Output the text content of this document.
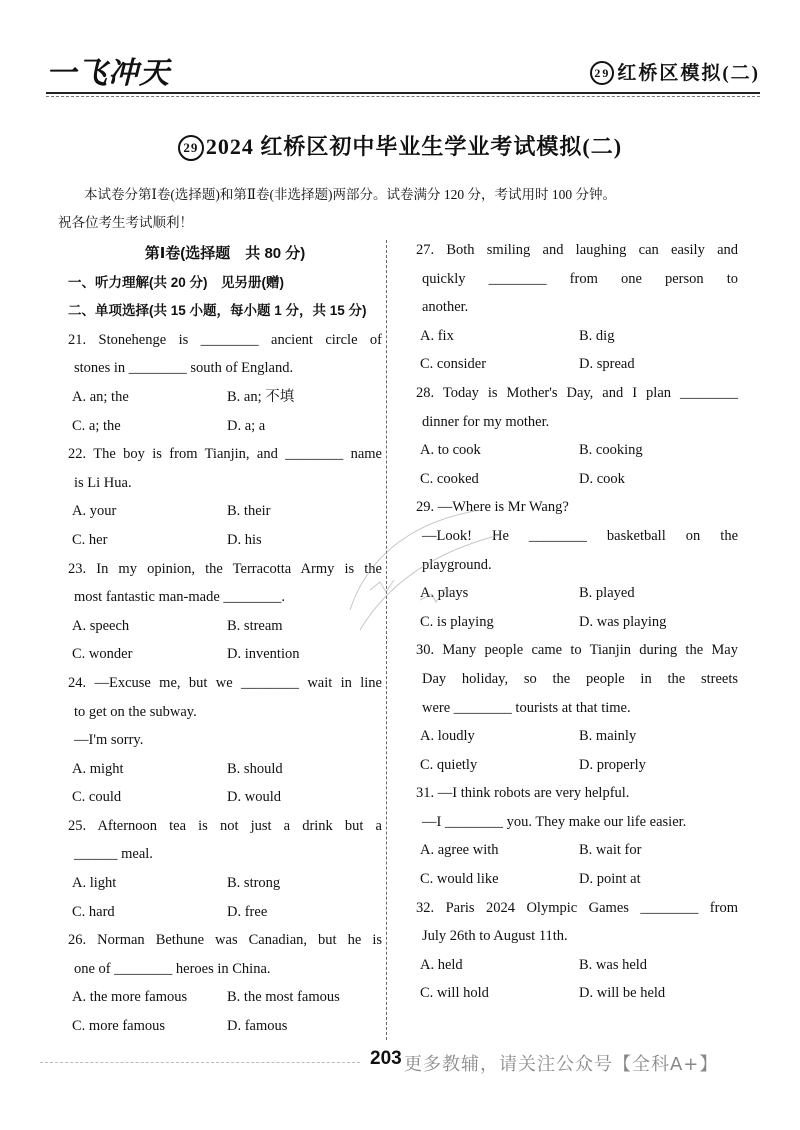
一飞冲天	29 红桥区模拟(二)
29 2024 红桥区初中毕业生学业考试模拟(二)

本试卷分第Ⅰ卷(选择题)和第Ⅱ卷(非选择题)两部分。试卷满分 120 分，考试用时 100 分钟。

祝各位考生考试顺利！

第Ⅰ卷(选择题　共 80 分)
一、听力理解(共 20 分)　见另册(赠)
二、单项选择(共 15 小题，每小题 1 分，共 15 分)
21. Stonehenge is ________ ancient circle of
stones in ________ south of England.
A. an; the	B. an; 不填
C. a; the	D. a; a
22. The boy is from Tianjin, and ________ name
is Li Hua.
A. your	B. their
C. her	D. his
23. In my opinion, the Terracotta Army is the
most fantastic man-made ________.
A. speech	B. stream
C. wonder	D. invention
24. —Excuse me, but we ________ wait in line
to get on the subway.
—I'm sorry.
A. might	B. should
C. could	D. would
25. Afternoon tea is not just a drink but a
______ meal.
A. light	B. strong
C. hard	D. free
26. Norman Bethune was Canadian, but he is
one of ________ heroes in China.
A. the more famous	B. the most famous
C. more famous	D. famous
27. Both smiling and laughing can easily and
quickly ________ from one person to
another.
A. fix	B. dig
C. consider	D. spread
28. Today is Mother's Day, and I plan ________
dinner for my mother.
A. to cook	B. cooking
C. cooked	D. cook
29. —Where is Mr Wang?
—Look! He ________ basketball on the
playground.
A. plays	B. played
C. is playing	D. was playing
30. Many people came to Tianjin during the May
Day holiday, so the people in the streets
were ________ tourists at that time.
A. loudly	B. mainly
C. quietly	D. properly
31. —I think robots are very helpful.
—I ________ you. They make our life easier.
A. agree with	B. wait for
C. would like	D. point at
32. Paris 2024 Olympic Games ________ from
July 26th to August 11th.
A. held	B. was held
C. will hold	D. will be held
203 更多教辅，请关注公众号【全科A+】
